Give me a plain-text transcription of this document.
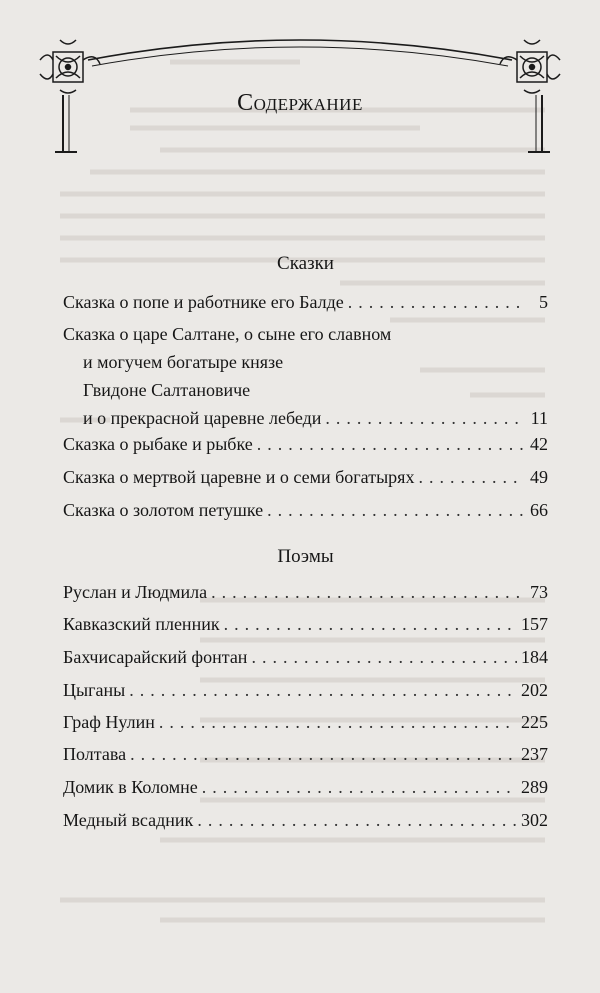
Содержание
Сказки
Сказка о попе и работнике его Балде .....	5
Сказка о царе Салтане, о сыне его славном
и могучем богатыре князе
Гвидоне Салтановиче
и о прекрасной царевне лебеди .....	11
Сказка о рыбаке и рыбке .....	42
Сказка о мертвой царевне и о семи богатырях .....	49
Сказка о золотом петушке .....	66
Поэмы
Руслан и Людмила .....	73
Кавказский пленник .....	157
Бахчисарайский фонтан .....	184
Цыганы .....	202
Граф Нулин .....	225
Полтава .....	237
Домик в Коломне .....	289
Медный всадник .....	302
